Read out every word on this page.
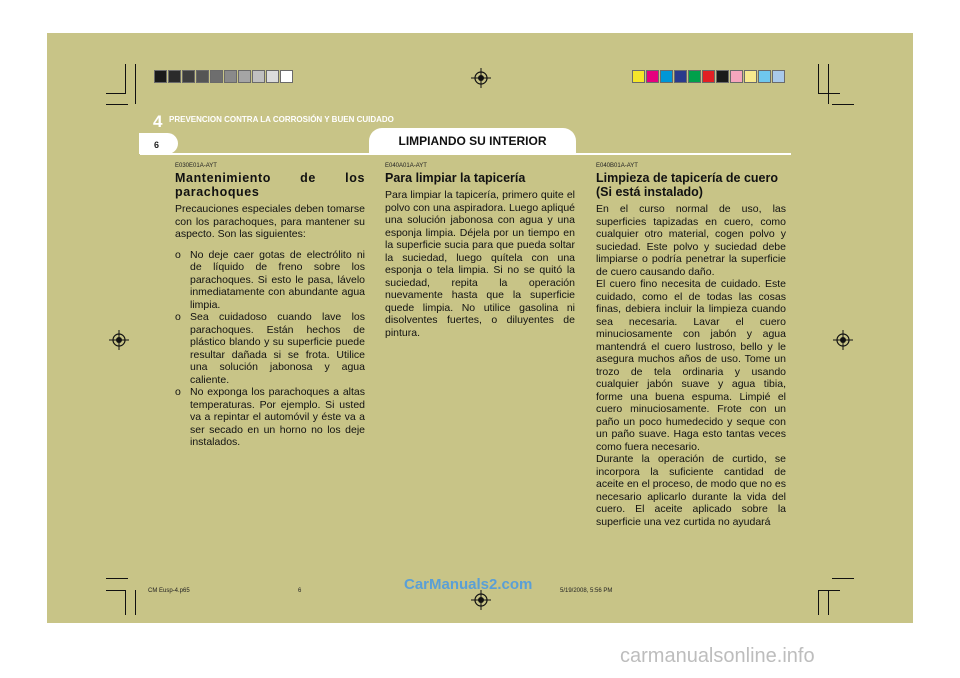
4 PREVENCION CONTRA LA CORROSIÓN Y BUEN CUIDADO
6	LIMPIANDO SU INTERIOR
E030E01A-AYT
Mantenimiento de los parachoques
Precauciones especiales deben tomarse con los parachoques, para mantener su aspecto. Son las siguientes:
o No deje caer gotas de electrólito ni de líquido de freno sobre los parachoques. Si esto le pasa, lávelo inmediatamente con abundante agua limpia.
o Sea cuidadoso cuando lave los parachoques. Están hechos de plástico blando y su superficie puede resultar dañada si se frota. Utilice una solución jabonosa y agua caliente.
o No exponga los parachoques a altas temperaturas. Por ejemplo. Si usted va a repintar el automóvil y éste va a ser secado en un horno no los deje instalados.
E040A01A-AYT
Para limpiar la tapicería
Para limpiar la tapicería, primero quite el polvo con una aspiradora. Luego apliqué una solución jabonosa con agua y una esponja limpia. Déjela por un tiempo en la superficie sucia para que pueda soltar la suciedad, luego quítela con una esponja o tela limpia. Si no se quitó la suciedad, repita la operación nuevamente hasta que la superficie quede limpia. No utilice gasolina ni disolventes fuertes, o diluyentes de pintura.
E040B01A-AYT
Limpieza de tapicería de cuero (Si está instalado)
En el curso normal de uso, las superficies tapizadas en cuero, como cualquier otro material, cogen polvo y suciedad. Este polvo y suciedad debe limpiarse o podría penetrar la superficie de cuero causando daño.
El cuero fino necesita de cuidado. Este cuidado, como el de todas las cosas finas, debiera incluir la limpieza cuando sea necesaria. Lavar el cuero minuciosamente con jabón y agua mantendrá el cuero lustroso, bello y le asegura muchos años de uso. Tome un trozo de tela ordinaria y usando cualquier jabón suave y agua tibia, forme una buena espuma. Limpié el cuero minuciosamente. Frote con un paño un poco humedecido y seque con un paño suave. Haga esto tantas veces como fuera necesario.
Durante la operación de curtido, se incorpora la suficiente cantidad de aceite en el proceso, de modo que no es necesario aplicarlo durante la vida del cuero. El aceite aplicado sobre la superficie una vez curtida no ayudará
CM Eusp-4.p65	6	5/19/2008, 5:56 PM
CarManuals2.com
carmanualsonline.info
